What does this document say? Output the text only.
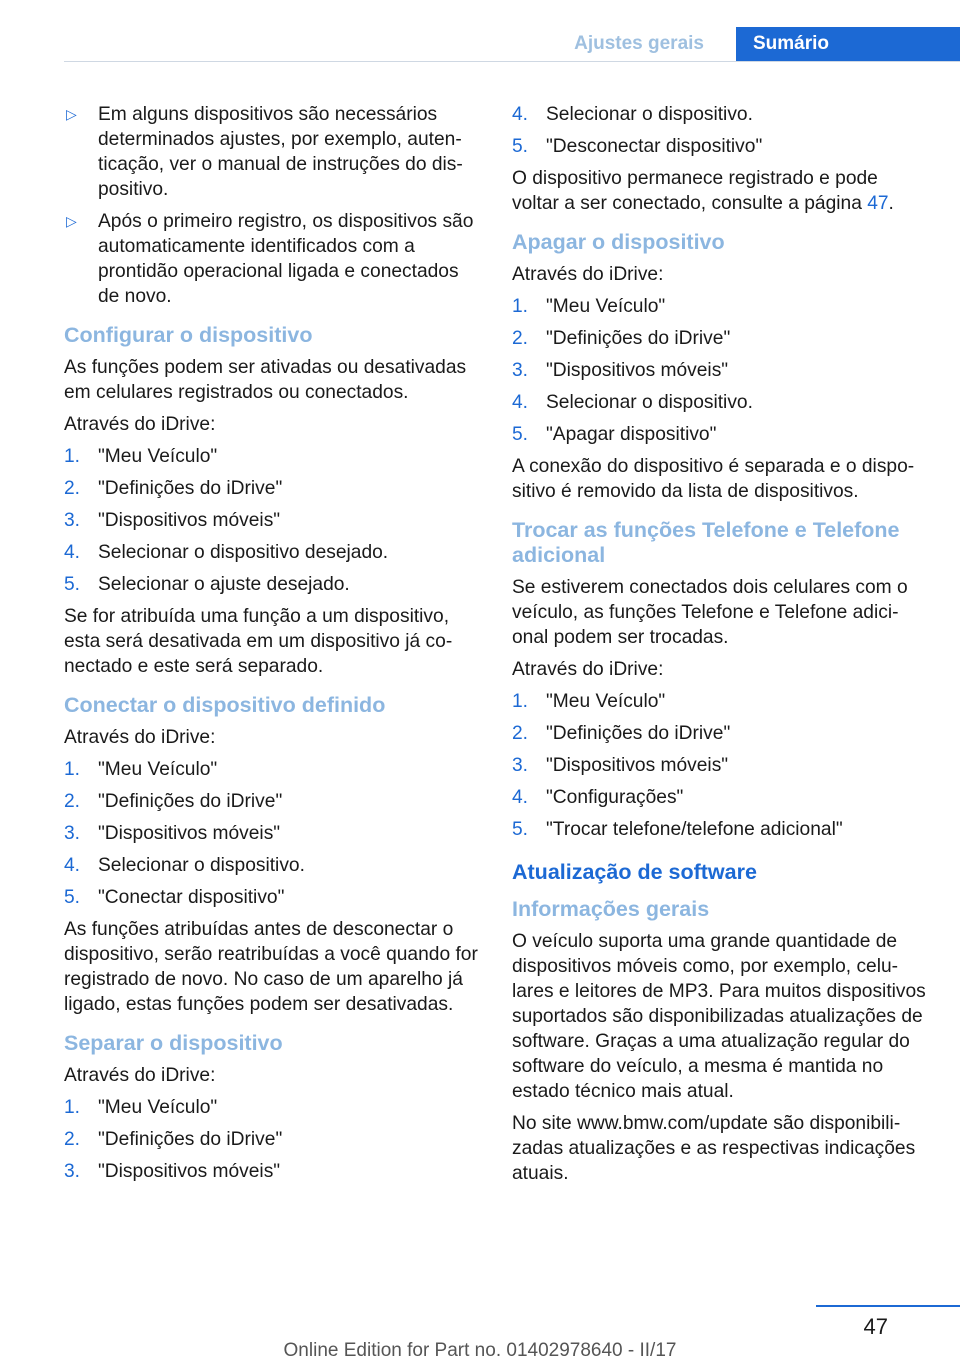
Ajustes gerais	Sumário
▷ Em alguns dispositivos são necessários determinados ajustes, por exemplo, autenticação, ver o manual de instruções do dispositivo.
▷ Após o primeiro registro, os dispositivos são automaticamente identificados com a prontidão operacional ligada e conectados de novo.
Configurar o dispositivo

As funções podem ser ativadas ou desativadas em celulares registrados ou conectados.

Através do iDrive:

1. "Meu Veículo"
2. "Definições do iDrive"
3. "Dispositivos móveis"
4. Selecionar o dispositivo desejado.
5. Selecionar o ajuste desejado.

Se for atribuída uma função a um dispositivo, esta será desativada em um dispositivo já conectado e este será separado.

Conectar o dispositivo definido

Através do iDrive:

1. "Meu Veículo"
2. "Definições do iDrive"
3. "Dispositivos móveis"
4. Selecionar o dispositivo.
5. "Conectar dispositivo"

As funções atribuídas antes de desconectar o dispositivo, serão reatribuídas a você quando for registrado de novo. No caso de um aparelho já ligado, estas funções podem ser desativadas.

Separar o dispositivo

Através do iDrive:

1. "Meu Veículo"
2. "Definições do iDrive"
3. "Dispositivos móveis"
4. Selecionar o dispositivo.
5. "Desconectar dispositivo"

O dispositivo permanece registrado e pode voltar a ser conectado, consulte a página 47.

Apagar o dispositivo

Através do iDrive:

1. "Meu Veículo"
2. "Definições do iDrive"
3. "Dispositivos móveis"
4. Selecionar o dispositivo.
5. "Apagar dispositivo"

A conexão do dispositivo é separada e o dispositivo é removido da lista de dispositivos.

Trocar as funções Telefone e Telefone adicional

Se estiverem conectados dois celulares com o veículo, as funções Telefone e Telefone adicional podem ser trocadas.

Através do iDrive:

1. "Meu Veículo"
2. "Definições do iDrive"
3. "Dispositivos móveis"
4. "Configurações"
5. "Trocar telefone/telefone adicional"
Atualização de software
Informações gerais

O veículo suporta uma grande quantidade de dispositivos móveis como, por exemplo, celulares e leitores de MP3. Para muitos dispositivos suportados são disponibilizadas atualizações de software. Graças a uma atualização regular do software do veículo, a mesma é mantida no estado técnico mais atual.

No site www.bmw.com/update são disponibilizadas atualizações e as respectivas indicações atuais.

47
Online Edition for Part no. 01402978640 - II/17
